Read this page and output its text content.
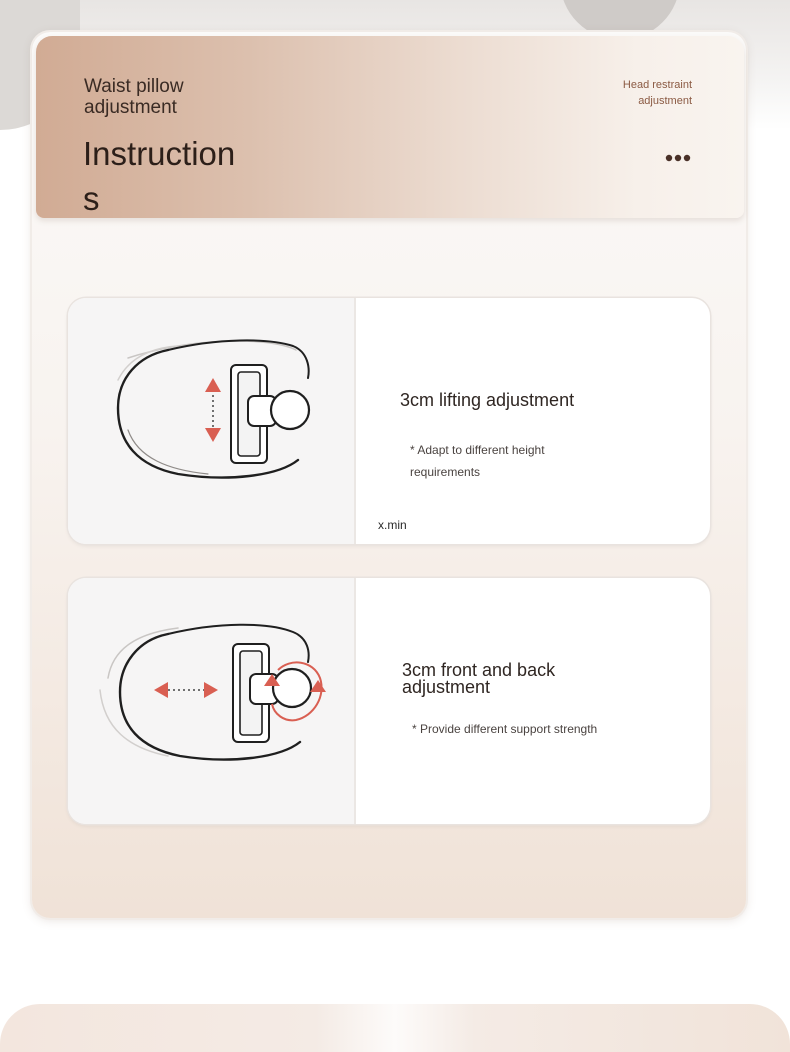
Waist pillow adjustment
Instructions
Head restraint adjustment
3cm lifting adjustment
* Adapt to different height requirements
x.min
3cm front and back adjustment
* Provide different support strength
